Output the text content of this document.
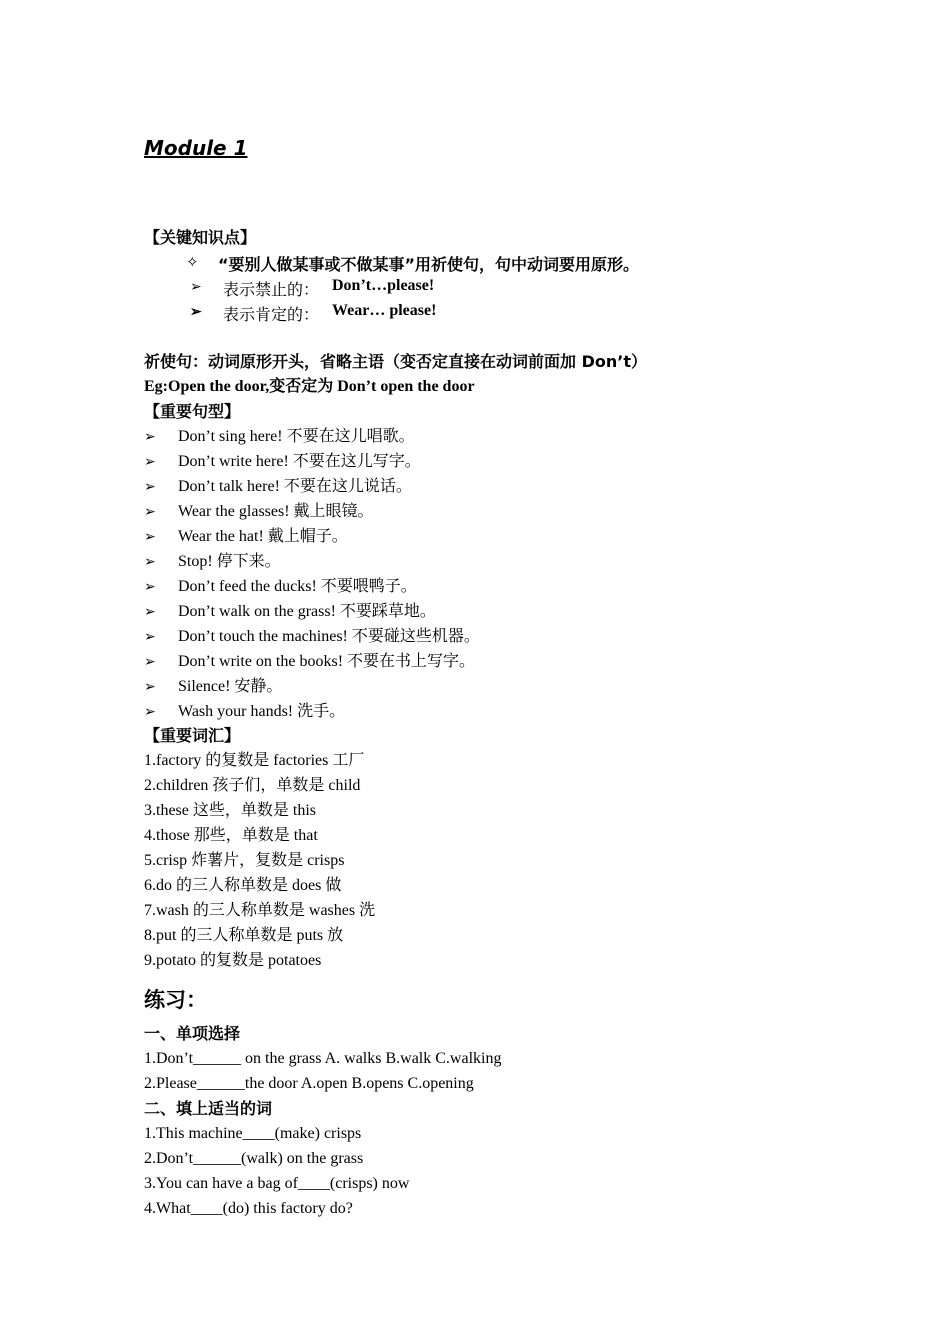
Module 1
【关键知识点】
✧ “要别人做某事或不做某事”用祈使句，句中动词要用原形。
➢ 表示禁止的： Don’t…please!
➢ 表示肯定的： Wear… please!
祈使句：动词原形开头，省略主语（变否定直接在动词前面加 Don’t）
Eg:Open the door,变否定为 Don’t open the door
【重要句型】
➢ Don’t sing here! 不要在这儿唱歌。
➢ Don’t write here! 不要在这儿写字。
➢ Don’t talk here! 不要在这儿说话。
➢ Wear the glasses! 戴上眼镜。
➢ Wear the hat! 戴上帽子。
➢ Stop! 停下来。
➢ Don’t feed the ducks! 不要喂鸭子。
➢ Don’t walk on the grass! 不要踩草地。
➢ Don’t touch the machines! 不要碰这些机器。
➢ Don’t write on the books! 不要在书上写字。
➢ Silence! 安静。
➢ Wash your hands! 洗手。
【重要词汇】
1.factory 的复数是 factories 工厂
2.children 孩子们，单数是 child
3.these 这些，单数是 this
4.those 那些，单数是 that
5.crisp 炸薯片，复数是 crisps
6.do 的三人称单数是 does 做
7.wash 的三人称单数是 washes 洗
8.put 的三人称单数是 puts 放
9.potato 的复数是 potatoes
练习：
一、单项选择
1.Don’t______ on the grass A. walks B.walk C.walking
2.Please______the door A.open B.opens C.opening
二、填上适当的词
1.This machine____(make) crisps
2.Don’t______(walk) on the grass
3.You can have a bag of____(crisps) now
4.What____(do) this factory do?
